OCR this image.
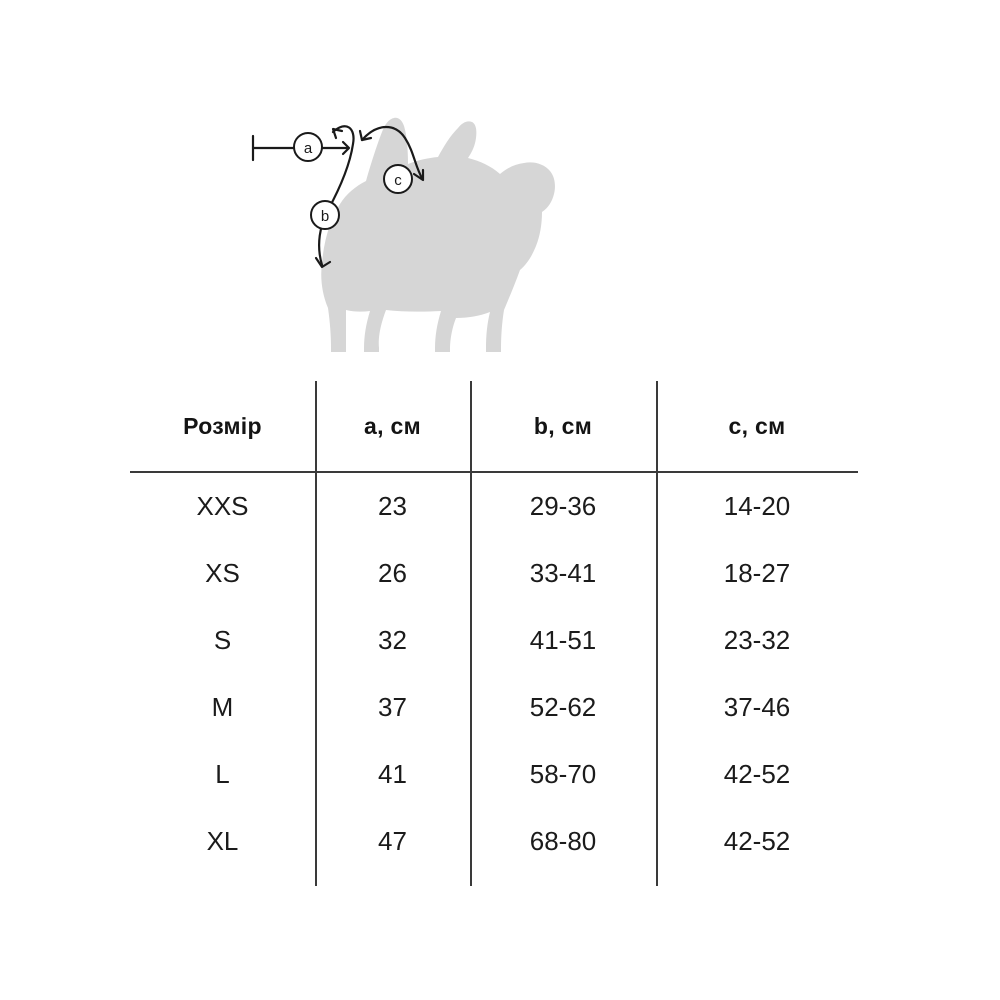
a
b
c
Розмір	a, см	b, см	c, см
XXS	23	29-36	14-20
XS	26	33-41	18-27
S	32	41-51	23-32
M	37	52-62	37-46
L	41	58-70	42-52
XL	47	68-80	42-52
